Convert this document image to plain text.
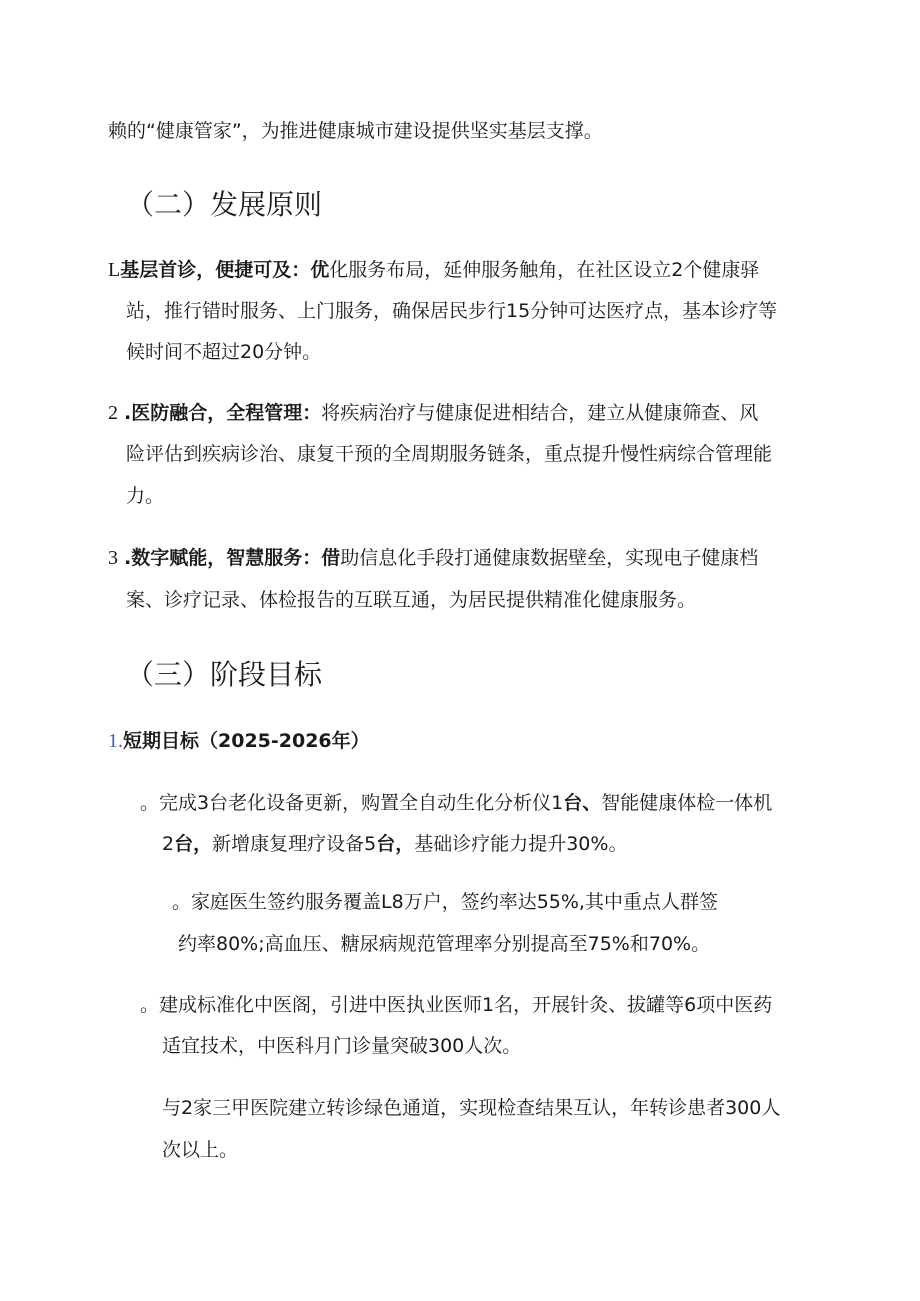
赖的“健康管家”，为推进健康城市建设提供坚实基层支撑。

（二）发展原则

L基层首诊，便捷可及：优化服务布局，延伸服务触角，在社区设立2个健康驿

站，推行错时服务、上门服务，确保居民步行15分钟可达医疗点，基本诊疗等

候时间不超过20分钟。

2 .医防融合，全程管理：将疾病治疗与健康促进相结合，建立从健康筛查、风

险评估到疾病诊治、康复干预的全周期服务链条，重点提升慢性病综合管理能

力。

3 .数字赋能，智慧服务：借助信息化手段打通健康数据壁垒，实现电子健康档

案、诊疗记录、体检报告的互联互通，为居民提供精准化健康服务。

（三）阶段目标

1.短期目标（2025-2026年）

。完成3台老化设备更新，购置全自动生化分析仪1台、智能健康体检一体机

2台，新增康复理疗设备5台，基础诊疗能力提升30%。

。家庭医生签约服务覆盖L8万户，签约率达55%,其中重点人群签

约率80%;高血压、糖尿病规范管理率分别提高至75%和70%。

。建成标准化中医阁，引进中医执业医师1名，开展针灸、拔罐等6项中医药

适宜技术，中医科月门诊量突破300人次。

与2家三甲医院建立转诊绿色通道，实现检查结果互认，年转诊患者300人

次以上。
